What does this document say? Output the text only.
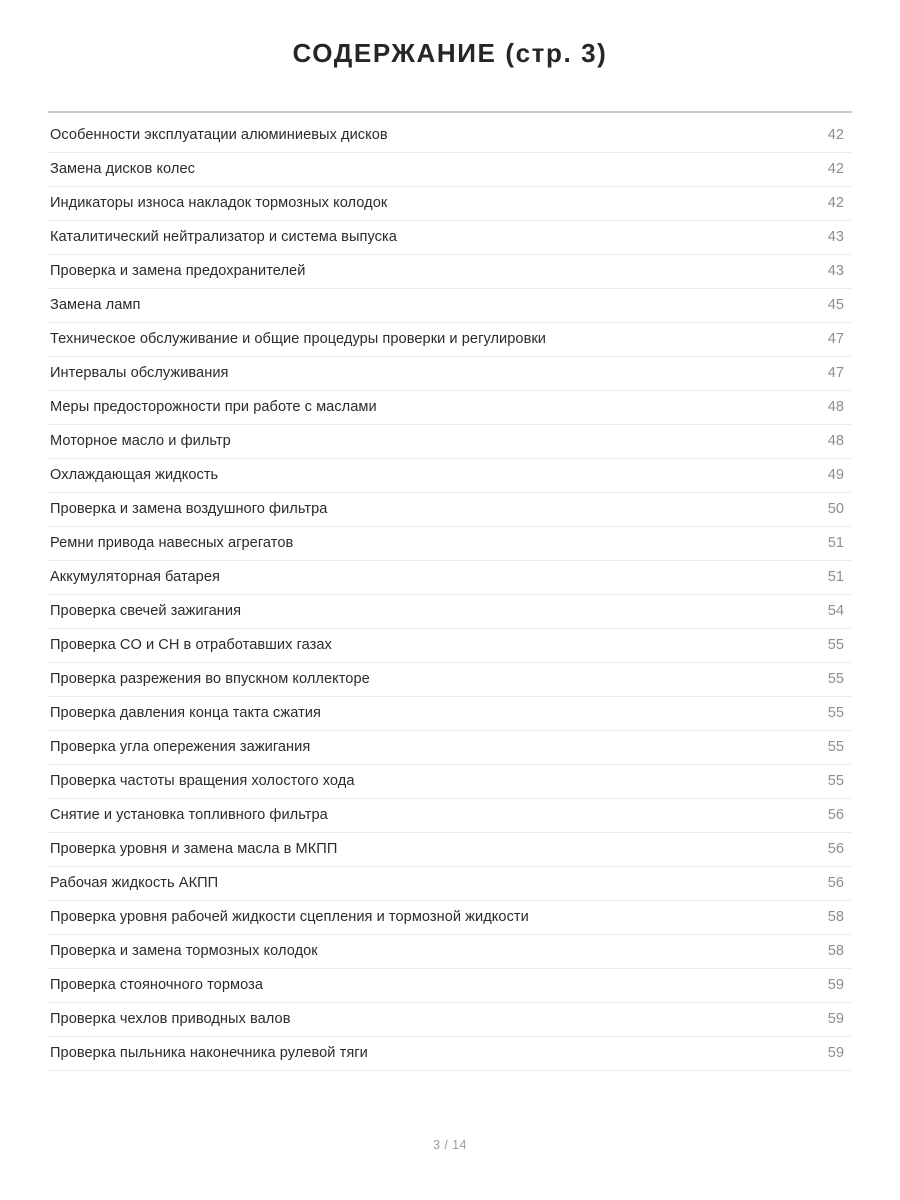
СОДЕРЖАНИЕ (стр. 3)
Особенности эксплуатации алюминиевых дисков	42
Замена дисков колес	42
Индикаторы износа накладок тормозных колодок	42
Каталитический нейтрализатор и система выпуска	43
Проверка и замена предохранителей	43
Замена ламп	45
Техническое обслуживание и общие процедуры проверки и регулировки	47
Интервалы обслуживания	47
Меры предосторожности при работе с маслами	48
Моторное масло и фильтр	48
Охлаждающая жидкость	49
Проверка и замена воздушного фильтра	50
Ремни привода навесных агрегатов	51
Аккумуляторная батарея	51
Проверка свечей зажигания	54
Проверка CO и CH в отработавших газах	55
Проверка разрежения во впускном коллекторе	55
Проверка давления конца такта сжатия	55
Проверка угла опережения зажигания	55
Проверка частоты вращения холостого хода	55
Снятие и установка топливного фильтра	56
Проверка уровня и замена масла в МКПП	56
Рабочая жидкость АКПП	56
Проверка уровня рабочей жидкости сцепления и тормозной жидкости	58
Проверка и замена тормозных колодок	58
Проверка стояночного тормоза	59
Проверка чехлов приводных валов	59
Проверка пыльника наконечника рулевой тяги	59
3 / 14
